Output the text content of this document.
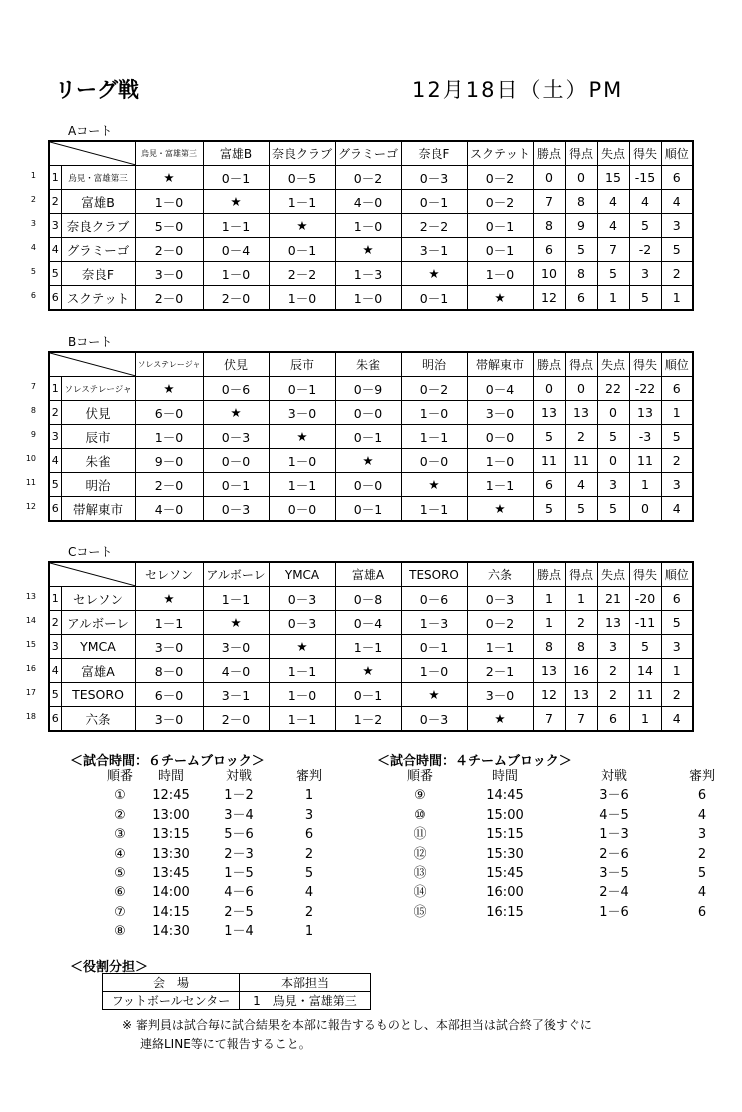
リーグ戦	12月18日（土）PM
Aコート
1
2
3
4
5
6
	烏見・富雄第三	富雄B	奈良クラブ	グラミーゴ	奈良F	スクテット	勝点	得点	失点	得失	順位
1	烏見・富雄第三	★	0－1	0－5	0－2	0－3	0－2	0	0	15	-15	6
2	富雄B	1－0	★	1－1	4－0	0－1	0－2	7	8	4	4	4
3	奈良クラブ	5－0	1－1	★	1－0	2－2	0－1	8	9	4	5	3
4	グラミーゴ	2－0	0－4	0－1	★	3－1	0－1	6	5	7	-2	5
5	奈良F	3－0	1－0	2－2	1－3	★	1－0	10	8	5	3	2
6	スクテット	2－0	2－0	1－0	1－0	0－1	★	12	6	1	5	1
Bコート
7
8
9
10
11
12
	ソレステレージャ	伏見	辰市	朱雀	明治	帯解東市	勝点	得点	失点	得失	順位
1	ソレステレージャ	★	0－6	0－1	0－9	0－2	0－4	0	0	22	-22	6
2	伏見	6－0	★	3－0	0－0	1－0	3－0	13	13	0	13	1
3	辰市	1－0	0－3	★	0－1	1－1	0－0	5	2	5	-3	5
4	朱雀	9－0	0－0	1－0	★	0－0	1－0	11	11	0	11	2
5	明治	2－0	0－1	1－1	0－0	★	1－1	6	4	3	1	3
6	帯解東市	4－0	0－3	0－0	0－1	1－1	★	5	5	5	0	4
Cコート
13
14
15
16
17
18
	セレソン	アルボーレ	YMCA	富雄A	TESORO	六条	勝点	得点	失点	得失	順位
1	セレソン	★	1－1	0－3	0－8	0－6	0－3	1	1	21	-20	6
2	アルボーレ	1－1	★	0－3	0－4	1－3	0－2	1	2	13	-11	5
3	YMCA	3－0	3－0	★	1－1	0－1	1－1	8	8	3	5	3
4	富雄A	8－0	4－0	1－1	★	1－0	2－1	13	16	2	14	1
5	TESORO	6－0	3－1	1－0	0－1	★	3－0	12	13	2	11	2
6	六条	3－0	2－0	1－1	1－2	0－3	★	7	7	6	1	4
＜試合時間：６チームブロック＞
順番	時間	対戦	審判
①	12:45	1－2	1
②	13:00	3－4	3
③	13:15	5－6	6
④	13:30	2－3	2
⑤	13:45	1－5	5
⑥	14:00	4－6	4
⑦	14:15	2－5	2
⑧	14:30	1－4	1
＜試合時間：４チームブロック＞
順番	時間	対戦	審判
⑨	14:45	3－6	6
⑩	15:00	4－5	4
⑪	15:15	1－3	3
⑫	15:30	2－6	2
⑬	15:45	3－5	5
⑭	16:00	2－4	4
⑮	16:15	1－6	6
＜役割分担＞
会　場	本部担当
フットボールセンター	1　烏見・富雄第三
※ 審判員は試合毎に試合結果を本部に報告するものとし、本部担当は試合終了後すぐに
連絡LINE等にて報告すること。
